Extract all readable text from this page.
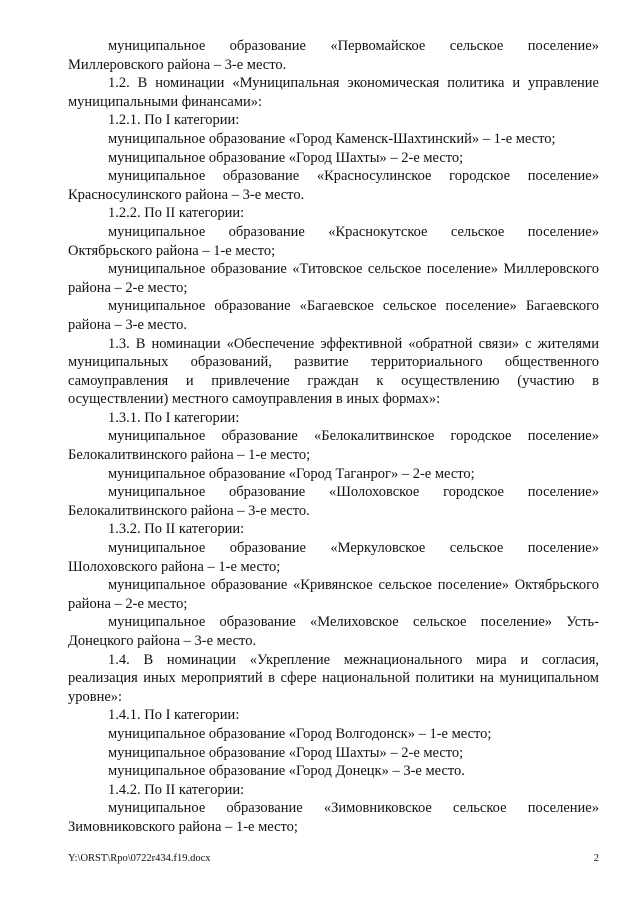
муниципальное образование «Первомайское сельское поселение» Миллеровского района – 3-е место.

1.2. В номинации «Муниципальная экономическая политика и управление муниципальными финансами»:

1.2.1. По I категории:

муниципальное образование «Город Каменск-Шахтинский» – 1-е место;

муниципальное образование «Город Шахты» – 2-е место;

муниципальное образование «Красносулинское городское поселение» Красносулинского района – 3-е место.

1.2.2. По II категории:

муниципальное образование «Краснокутское сельское поселение» Октябрьского района – 1-е место;

муниципальное образование «Титовское сельское поселение» Миллеровского района – 2-е место;

муниципальное образование «Багаевское сельское поселение» Багаевского района – 3-е место.

1.3. В номинации «Обеспечение эффективной «обратной связи» с жителями муниципальных образований, развитие территориального общественного самоуправления и привлечение граждан к осуществлению (участию в осуществлении) местного самоуправления в иных формах»:

1.3.1. По I категории:

муниципальное образование «Белокалитвинское городское поселение» Белокалитвинского района – 1-е место;

муниципальное образование «Город Таганрог» – 2-е место;

муниципальное образование «Шолоховское городское поселение» Белокалитвинского района – 3-е место.

1.3.2. По II категории:

муниципальное образование «Меркуловское сельское поселение» Шолоховского района – 1-е место;

муниципальное образование «Кривянское сельское поселение» Октябрьского района – 2-е место;

муниципальное образование «Мелиховское сельское поселение» Усть-Донецкого района – 3-е место.

1.4. В номинации «Укрепление межнационального мира и согласия, реализация иных мероприятий в сфере национальной политики на муниципальном уровне»:

1.4.1. По I категории:

муниципальное образование «Город Волгодонск» – 1-е место;

муниципальное образование «Город Шахты» – 2-е место;

муниципальное образование «Город Донецк» – 3-е место.

1.4.2. По II категории:

муниципальное образование «Зимовниковское сельское поселение» Зимовниковского района – 1-е место;

Y:\ORST\Rpo\0722r434.f19.docx	2
